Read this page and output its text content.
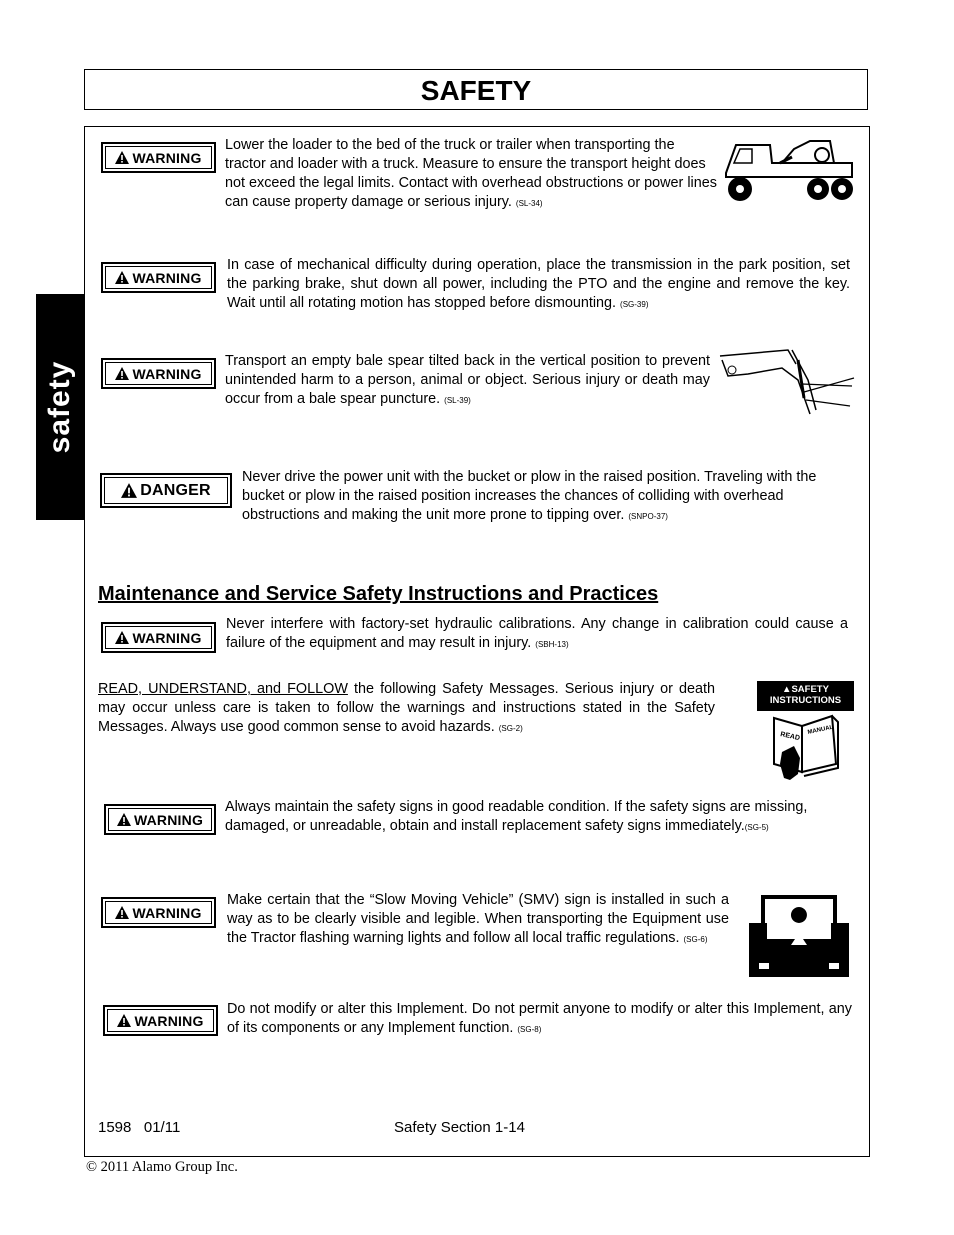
SAFETY
safety
WARNING
Lower the loader to the bed of the truck or trailer when transporting the tractor and loader with a truck. Measure to ensure the transport height does not exceed the legal limits. Contact with overhead obstructions or power lines can cause property damage or serious injury. (SL-34)
WARNING
In case of mechanical difficulty during operation, place the transmission in the park position, set the parking brake, shut down all power, including the PTO and the engine and remove the key. Wait until all rotating motion has stopped before dismounting. (SG-39)
WARNING
Transport an empty bale spear tilted back in the vertical position to prevent unintended harm to a person, animal or object. Serious injury or death may occur from a bale spear puncture. (SL-39)
DANGER
Never drive the power unit with the bucket or plow in the raised position. Traveling with the bucket or plow in the raised position increases the chances of colliding with overhead obstructions and making the unit more prone to tipping over. (SNPO-37)
Maintenance and Service Safety Instructions and Practices
WARNING
Never interfere with factory-set hydraulic calibrations. Any change in calibration could cause a failure of the equipment and may result in injury. (SBH-13)
READ, UNDERSTAND, and FOLLOW the following Safety Messages. Serious injury or death may occur unless care is taken to follow the warnings and instructions stated in the Safety Messages. Always use good common sense to avoid hazards. (SG-2)
▲SAFETY
INSTRUCTIONS
READ
MANUAL
WARNING
Always maintain the safety signs in good readable condition. If the safety signs are missing, damaged, or unreadable, obtain and install replacement safety signs immediately.(SG-5)
WARNING
Make certain that the “Slow Moving Vehicle” (SMV) sign is installed in such a way as to be clearly visible and legible. When transporting the Equipment use the Tractor flashing warning lights and follow all local traffic regulations. (SG-6)
WARNING
Do not modify or alter this Implement. Do not permit anyone to modify or alter this Implement, any of its components or any Implement function. (SG-8)
1598   01/11	Safety Section 1-14
© 2011 Alamo Group Inc.
